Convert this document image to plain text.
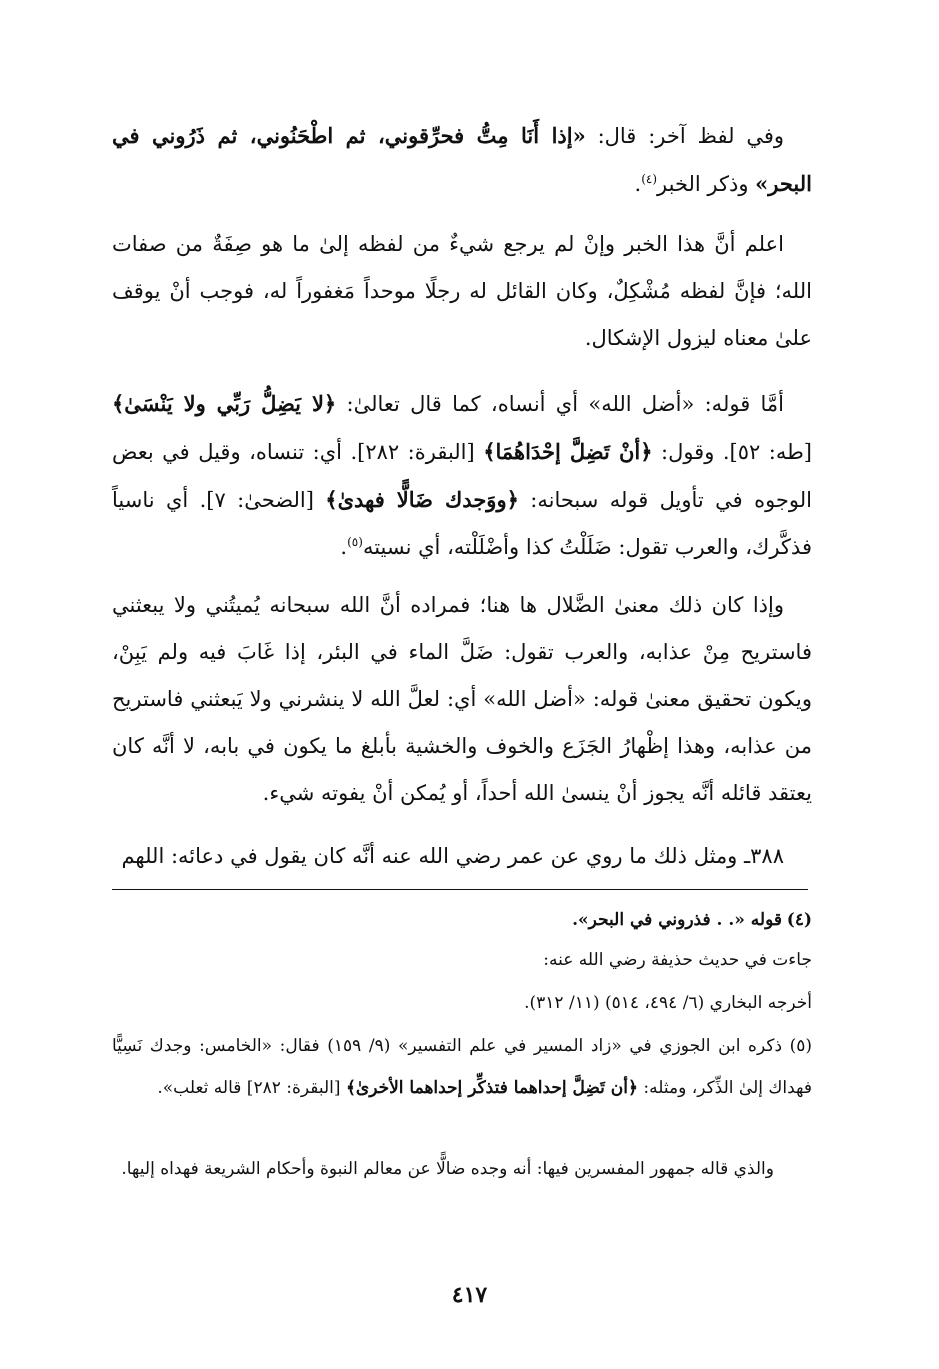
وفي لفظ آخر: قال: «إذا أَنَا مِتُّ فحرِّقوني، ثم اطْحَنُوني، ثم ذَرُوني في البحر» وذكر الخبر$^{(٤)}$.

اعلم أنَّ هذا الخبر وإنْ لم يرجع شيءٌ من لفظه إلىٰ ما هو صِفَةٌ من صفات الله؛ فإنَّ لفظه مُشْكِلٌ، وكان القائل له رجلًا موحداً مَغفوراً له، فوجب أنْ يوقف علىٰ معناه ليزول الإشكال.

أمَّا قوله: «أضل الله» أي أنساه، كما قال تعالىٰ: ﴿لا يَضِلُّ رَبِّي ولا يَنْسَىٰ﴾ [طه: ٥٢]. وقول: ﴿أنْ تَضِلَّ إحْدَاهُمَا﴾ [البقرة: ٢٨٢]. أي: تنساه، وقيل في بعض الوجوه في تأويل قوله سبحانه: ﴿ووَجدك ضَالًّا فهدىٰ﴾ [الضحىٰ: ٧]. أي ناسياً فذكَّرك، والعرب تقول: ضَلَلْتُ كذا وأضْلَلْته، أي نسيته$^{(٥)}$.

وإذا كان ذلك معنىٰ الضَّلال ها هنا؛ فمراده أنَّ الله سبحانه يُميتُني ولا يبعثني فاستريح مِنْ عذابه، والعرب تقول: ضَلَّ الماء في البئر، إذا غَابَ فيه ولم يَبِنْ، ويكون تحقيق معنىٰ قوله: «أضل الله» أي: لعلَّ الله لا ينشرني ولا يَبعثني فاستريح من عذابه، وهذا إظْهارُ الجَزَع والخوف والخشية بأبلغ ما يكون في بابه، لا أنَّه كان يعتقد قائله أنَّه يجوز أنْ ينسىٰ الله أحداً، أو يُمكن أنْ يفوته شيء.

٣٨٨ـ ومثل ذلك ما روي عن عمر رضي الله عنه أنَّه كان يقول في دعائه: اللهم

(٤)قوله «. . فذروني في البحر».
جاءت في حديث حذيفة رضي الله عنه:
أخرجه البخاري (٦/ ٤٩٤، ٥١٤) (١١/ ٣١٢).
(٥)ذكره ابن الجوزي في «زاد المسير في علم التفسير» (٩/ ١٥٩) فقال: «الخامس: وجدك نَسِيًّا فهداك إلىٰ الذِّكر، ومثله: ﴿أن تَضِلَّ إحداهما فتذكِّر إحداهما الأخرىٰ﴾ [البقرة: ٢٨٢] قاله ثعلب».
والذي قاله جمهور المفسرين فيها: أنه وجده ضالًّا عن معالم النبوة وأحكام الشريعة فهداه إليها.
٤١٧
